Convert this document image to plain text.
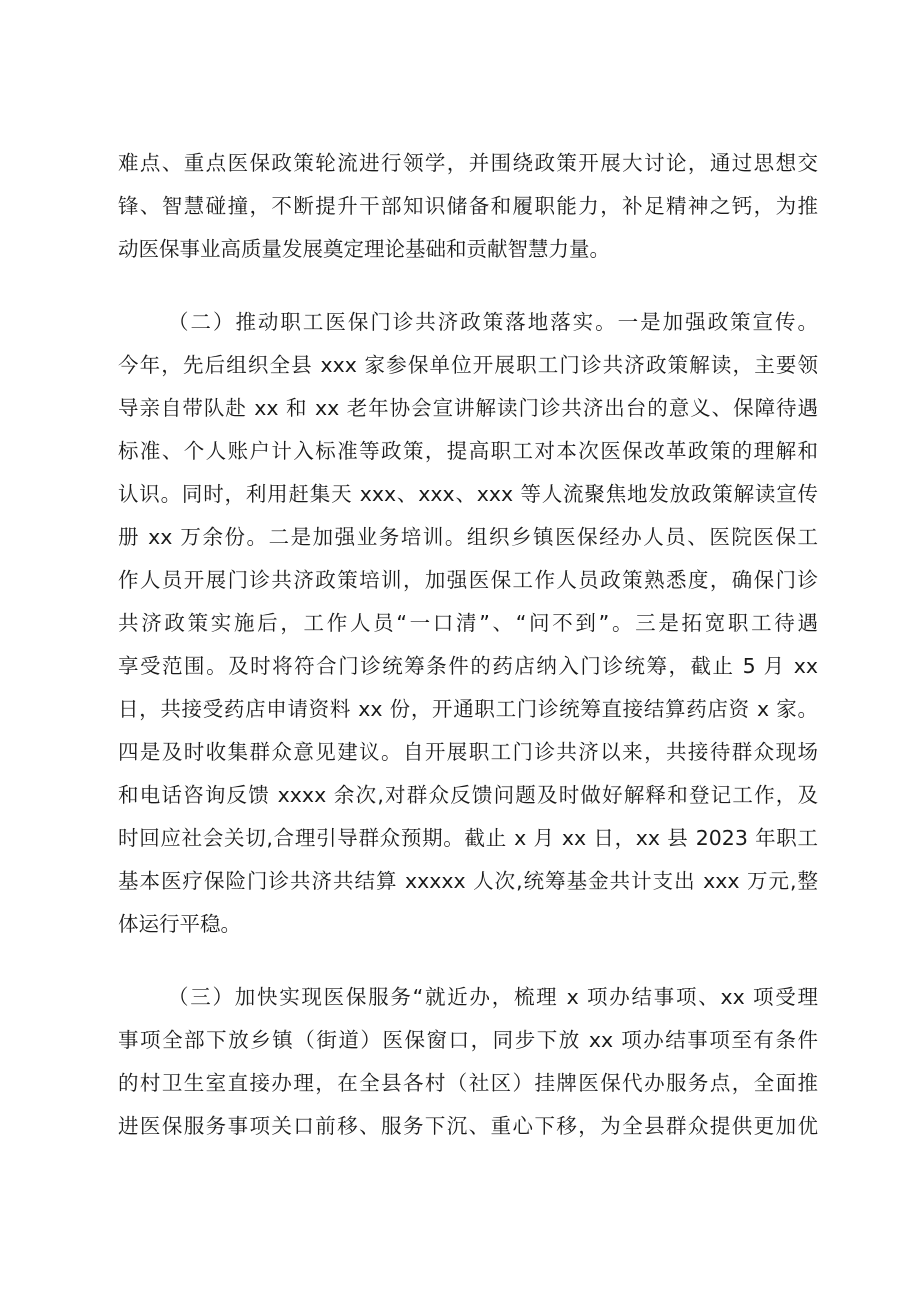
难点、重点医保政策轮流进行领学，并围绕政策开展大讨论，通过思想交
锋、智慧碰撞，不断提升干部知识储备和履职能力，补足精神之钙，为推
动医保事业高质量发展奠定理论基础和贡献智慧力量。
（二）推动职工医保门诊共济政策落地落实。一是加强政策宣传。
今年，先后组织全县 xxx 家参保单位开展职工门诊共济政策解读，主要领
导亲自带队赴 xx 和 xx 老年协会宣讲解读门诊共济出台的意义、保障待遇
标准、个人账户计入标准等政策，提高职工对本次医保改革政策的理解和
认识。同时，利用赶集天 xxx、xxx、xxx 等人流聚焦地发放政策解读宣传
册 xx 万余份。二是加强业务培训。组织乡镇医保经办人员、医院医保工
作人员开展门诊共济政策培训，加强医保工作人员政策熟悉度，确保门诊
共济政策实施后，工作人员“一口清”、“问不到”。三是拓宽职工待遇
享受范围。及时将符合门诊统筹条件的药店纳入门诊统筹，截止 5 月 xx
日，共接受药店申请资料 xx 份，开通职工门诊统筹直接结算药店资 x 家。
四是及时收集群众意见建议。自开展职工门诊共济以来，共接待群众现场
和电话咨询反馈 xxxx 余次,对群众反馈问题及时做好解释和登记工作，及
时回应社会关切,合理引导群众预期。截止 x 月 xx 日，xx 县 2023 年职工
基本医疗保险门诊共济共结算 xxxxx 人次,统筹基金共计支出 xxx 万元,整
体运行平稳。
（三）加快实现医保服务“就近办，梳理 x 项办结事项、xx 项受理
事项全部下放乡镇（街道）医保窗口，同步下放 xx 项办结事项至有条件
的村卫生室直接办理，在全县各村（社区）挂牌医保代办服务点，全面推
进医保服务事项关口前移、服务下沉、重心下移，为全县群众提供更加优
